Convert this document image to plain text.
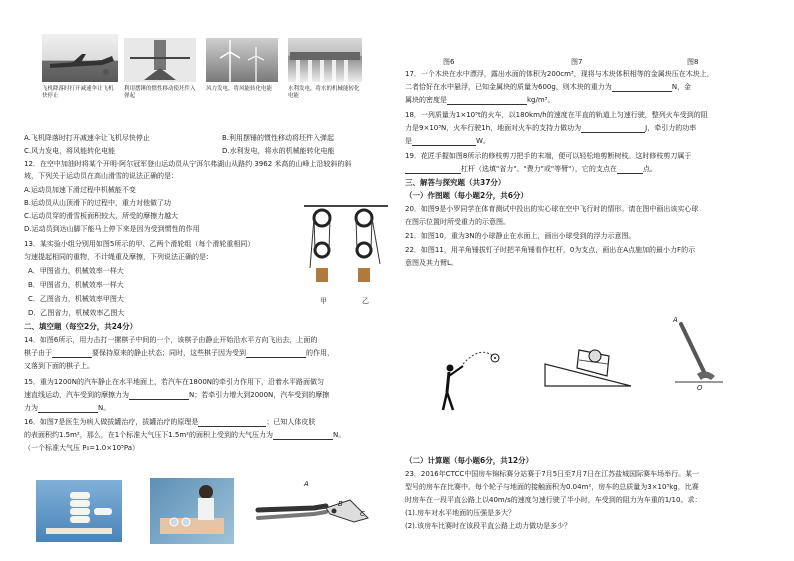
飞机降落时打开减速伞让飞机快停止
利用摆锤的惯性移动使坯件入弹起
风力发电，将风能转化电能	水利发电，将水的机械能转化电能
A.飞机降落时打开减速伞让飞机尽快停止	B.利用摆锤的惯性移动将坯件入弹起
C.风力发电，将风能转化电能	D.水利发电，将水的机械能转化电能
12．在空中加油时将某个开明·阿尔冠军登山运动员从宁洱尔弗湖山从路约 3962 米高的山峰上沿较斜的斜
坡，下列关于运动员在高山滑雪的说法正确的是：
A.运动员加速下滑过程中机械能不变
B.运动员从山顶滑下的过程中，重力对他做了功
C.运动员穿的滑雪板面积较大，所受的摩擦力越大
D.运动员到达山脚下能马上停下来是因为受到惯性的作用
13．某实验小组分别用如图5所示的甲、乙两个滑轮组（每个滑轮重相同）
匀速提起相同的重物，不计绳重及摩擦，下列说法正确的是：
A．甲图省力，机械效率一样大
B．甲图省力，机械效率一样大
C．乙图省力，机械效率甲图大
D．乙图省力，机械效率乙图大
甲	乙
二、填空题（每空2分，共24分）
14．如图6所示，用力击打一摞棋子中间的一个，该棋子由静止开始沿水平方向飞出去，上面的
棋子由于	要保持原来的静止状态；同时，这些棋子因为受到	的作用，
又落到下面的棋子上。
15．重为1200N的汽车静止在水平地面上，若汽车在1800N的牵引力作用下，沿着水平路面做匀
速直线运动，汽车受到的摩擦力为	N；若牵引力增大到2000N，汽车受到的摩擦
力为	N。
16．如图7是医生为病人做拔罐治疗，拔罐治疗的原理是	；已知人体皮肤
的表面积约1.5m²，那么，在1个标准大气压下1.5m²的面积上受到的大气压力为	N。
（一个标准大气压 P₀=1.0×10⁵Pa）
A
B
C
图6	图7	图8
17．一个木块在水中漂浮，露出水面的体积为200cm³，现将与木块体积相等的金属块压在木块上，
二者恰好在水中悬浮，已知金属块的质量为600g，则木块的重力为	N，金
属块的密度是	kg/m³。
18．一列质量为1×10⁵t的火车，以180km/h的速度在平直的轨道上匀速行驶，整列火车受到的阻
力是9×10³N，火车行驶1h，地面对火车的支持力做功为	J，牵引力的功率
是	W。
19．花匠手握如图8所示的修枝剪刀把手的末端，便可以轻松地剪断树枝。这时修枝剪刀属于
杠杆（选填"省力"、"费力"或"等臂"），它的支点在	点。
三、解答与探究题（共37分）
（一）作图题（每小题2分，共6分）
20．如图9是小罗同学在体育测试中投出的实心球在空中飞行时的情形。请在图中画出该实心球
在图示位置时所受重力的示意图。
21．如图10，重为3N的小球静止在水面上，画出小球受到的浮力示意图。
22．如图11，用羊角锤拔钉子时把羊角锤看作杠杆，0为支点，画出在A点施加的最小力F的示
意图及其力臂L。
A
O
（二）计算题（每小题6分，共12分）
23．2016年CTCC中国房车锦标赛分站赛于7月5日至7月7日在江苏盐城国际赛车场举行。某一
型号的房车在比赛中，每个轮子与地面的接触面积为0.04m²，房车的总质量为3×10³kg，比赛
时房车在一段平直公路上以40m/s的速度匀速行驶了半小时，车受到的阻力为车重的1/10。求：
(1).房车对水平地面的压强是多大？
(2).该房车比赛时在该段平直公路上动力做功是多少？
